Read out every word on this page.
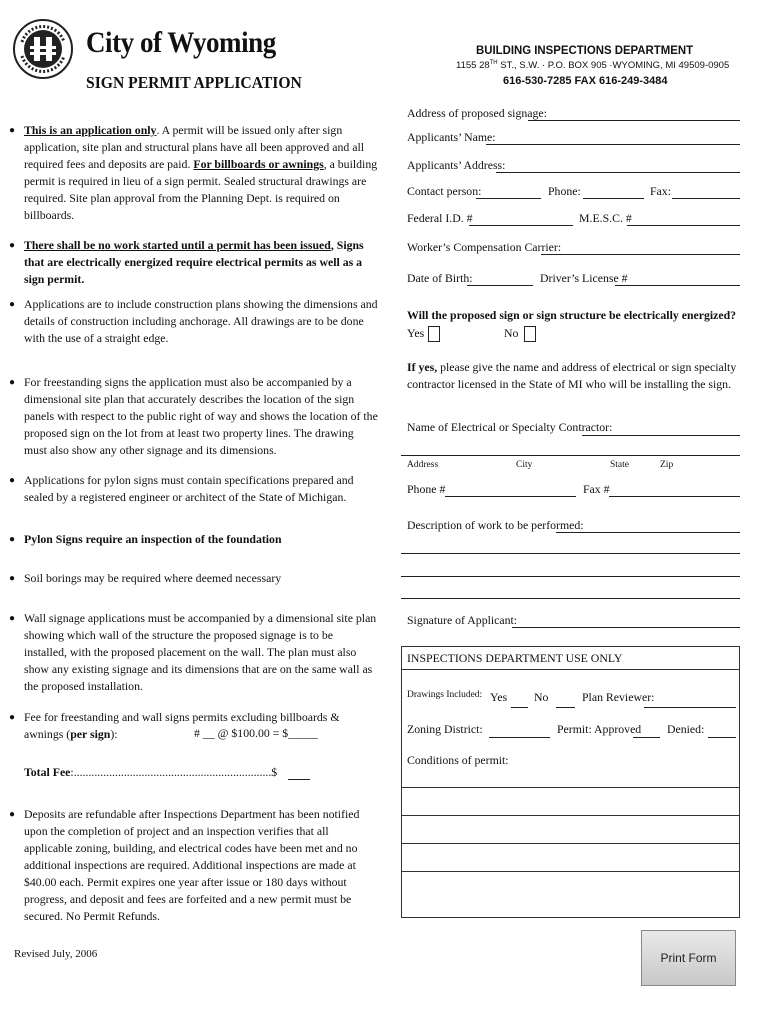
City of Wyoming
SIGN PERMIT APPLICATION
BUILDING INSPECTIONS DEPARTMENT
1155 28TH ST., S.W. · P.O. BOX 905 ·WYOMING, MI 49509-0905
616-530-7285 FAX 616-249-3484
● This is an application only. A permit will be issued only after sign application, site plan and structural plans have all been approved and all required fees and deposits are paid. For billboards or awnings, a building permit is required in lieu of a sign permit. Sealed structural drawings are required. Site plan approval from the Planning Dept. is required on billboards.
● There shall be no work started until a permit has been issued, Signs that are electrically energized require electrical permits as well as a sign permit.
● Applications are to include construction plans showing the dimensions and details of construction including anchorage. All drawings are to be done with the use of a straight edge.
● For freestanding signs the application must also be accompanied by a dimensional site plan that accurately describes the location of the sign panels with respect to the public right of way and shows the location of the proposed sign on the lot from at least two property lines. The drawing must also show any other signage and its dimensions.
● Applications for pylon signs must contain specifications prepared and sealed by a registered engineer or architect of the State of Michigan.
● Pylon Signs require an inspection of the foundation
● Soil borings may be required where deemed necessary
● Wall signage applications must be accompanied by a dimensional site plan showing which wall of the structure the proposed signage is to be installed, with the proposed placement on the wall. The plan must also show any existing signage and its dimensions that are on the same wall as the proposed installation.
● Fee for freestanding and wall signs permits excluding billboards & awnings (per sign):	# __ @ $100.00 = $_____
Total Fee:...................................................................$
● Deposits are refundable after Inspections Department has been notified upon the completion of project and an inspection verifies that all applicable zoning, building, and electrical codes have been met and no additional inspections are required. Additional inspections are made at $40.00 each. Permit expires one year after issue or 180 days without progress, and deposit and fees are forfeited and a new permit must be secured. No Permit Refunds.
Revised July, 2006
Address of proposed signage:
Applicants’ Name:
Applicants’ Address:
Contact person:	Phone:	Fax:
Federal I.D. #	M.E.S.C. #
Worker’s Compensation Carrier:
Date of Birth:	Driver’s License #
Will the proposed sign or sign structure be electrically energized?
Yes	No
If yes, please give the name and address of electrical or sign specialty contractor licensed in the State of MI who will be installing the sign.
Name of Electrical or Specialty Contractor:
Address	City	State	Zip
Phone #	Fax #
Description of work to be performed:
Signature of Applicant:
INSPECTIONS DEPARTMENT USE ONLY
Drawings Included: Yes No	Plan Reviewer:
Zoning District:	Permit: Approved Denied:
Conditions of permit:
Print Form
